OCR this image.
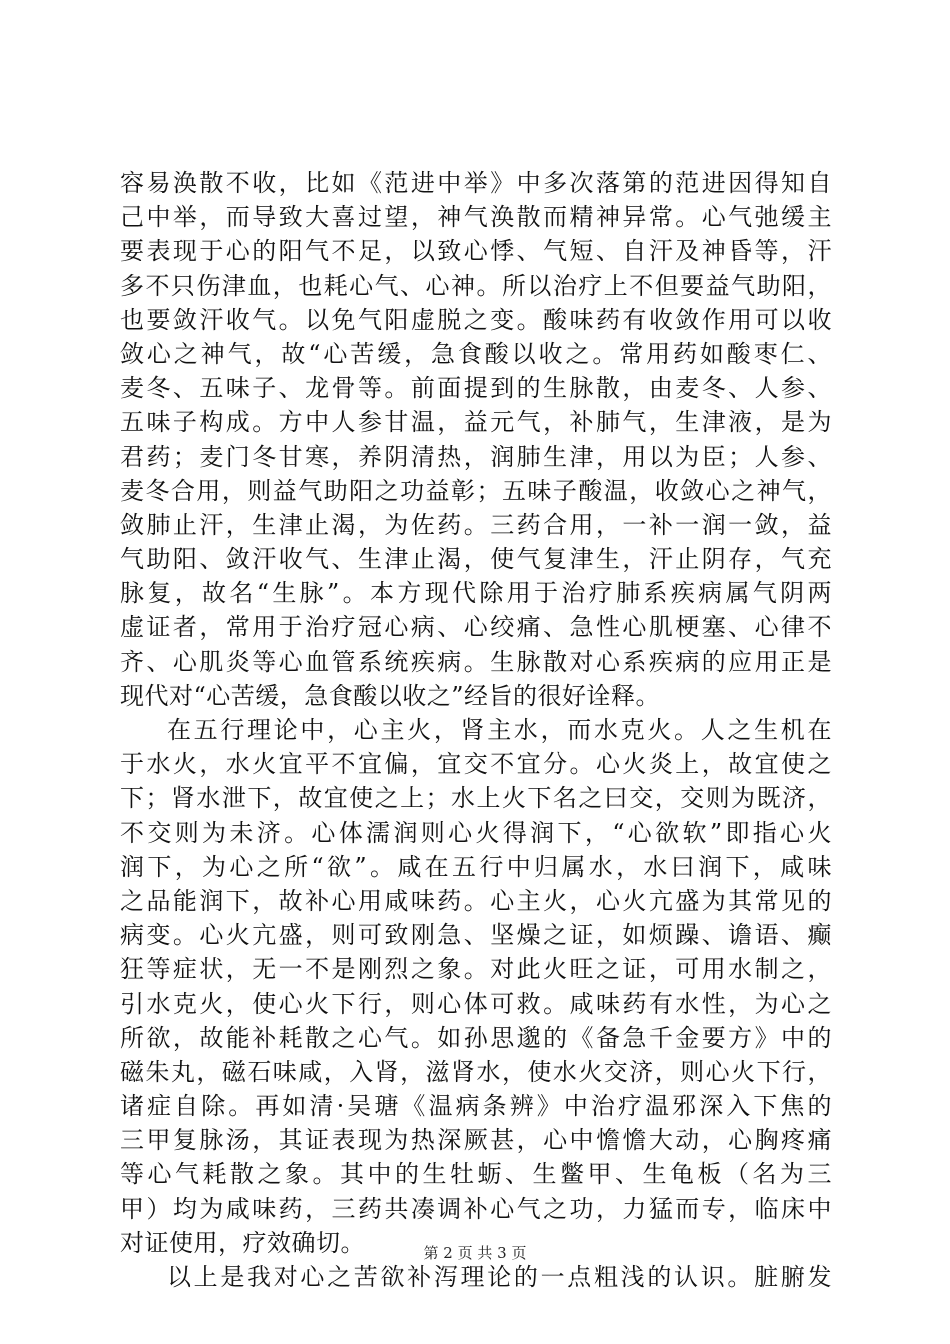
容易涣散不收，比如《范进中举》中多次落第的范进因得知自
己中举，而导致大喜过望，神气涣散而精神异常。心气弛缓主
要表现于心的阳气不足，以致心悸、气短、自汗及神昏等，汗
多不只伤津血，也耗心气、心神。所以治疗上不但要益气助阳，
也要敛汗收气。以免气阳虚脱之变。酸味药有收敛作用可以收
敛心之神气，故“心苦缓，急食酸以收之。常用药如酸枣仁、
麦冬、五味子、龙骨等。前面提到的生脉散，由麦冬、人参、
五味子构成。方中人参甘温，益元气，补肺气，生津液，是为
君药；麦门冬甘寒，养阴清热，润肺生津，用以为臣；人参、
麦冬合用，则益气助阳之功益彰；五味子酸温，收敛心之神气，
敛肺止汗，生津止渴，为佐药。三药合用，一补一润一敛，益
气助阳、敛汗收气、生津止渴，使气复津生，汗止阴存，气充
脉复，故名“生脉”。本方现代除用于治疗肺系疾病属气阴两
虚证者，常用于治疗冠心病、心绞痛、急性心肌梗塞、心律不
齐、心肌炎等心血管系统疾病。生脉散对心系疾病的应用正是
现代对“心苦缓，急食酸以收之”经旨的很好诠释。
在五行理论中，心主火，肾主水，而水克火。人之生机在
于水火，水火宜平不宜偏，宜交不宜分。心火炎上，故宜使之
下；肾水泄下，故宜使之上；水上火下名之曰交，交则为既济，
不交则为未济。心体濡润则心火得润下，“心欲软”即指心火
润下，为心之所“欲”。咸在五行中归属水，水曰润下，咸味
之品能润下，故补心用咸味药。心主火，心火亢盛为其常见的
病变。心火亢盛，则可致刚急、坚燥之证，如烦躁、谵语、癫
狂等症状，无一不是刚烈之象。对此火旺之证，可用水制之，
引水克火，使心火下行，则心体可救。咸味药有水性，为心之
所欲，故能补耗散之心气。如孙思邈的《备急千金要方》中的
磁朱丸，磁石味咸，入肾，滋肾水，使水火交济，则心火下行，
诸症自除。再如清·吴瑭《温病条辨》中治疗温邪深入下焦的
三甲复脉汤，其证表现为热深厥甚，心中憺憺大动，心胸疼痛
等心气耗散之象。其中的生牡蛎、生鳖甲、生龟板（名为三
甲）均为咸味药，三药共凑调补心气之功，力猛而专，临床中
对证使用，疗效确切。
以上是我对心之苦欲补泻理论的一点粗浅的认识。脏腑发
第 2 页 共 3 页
